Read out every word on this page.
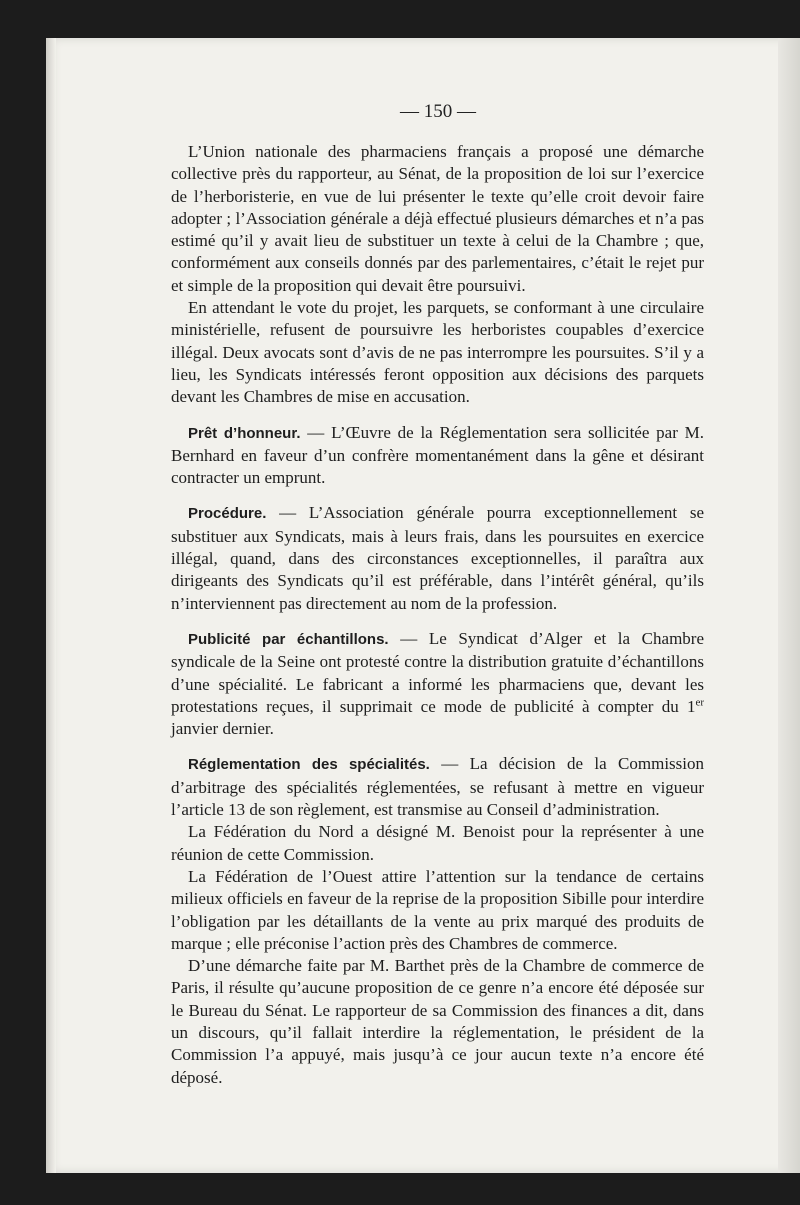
— 150 —

L’Union nationale des pharmaciens français a proposé une démarche collective près du rapporteur, au Sénat, de la proposition de loi sur l’exercice de l’herboristerie, en vue de lui présenter le texte qu’elle croit devoir faire adopter ; l’Association générale a déjà effectué plusieurs démarches et n’a pas estimé qu’il y avait lieu de substituer un texte à celui de la Chambre ; que, conformément aux conseils donnés par des parlementaires, c’était le rejet pur et simple de la proposition qui devait être poursuivi.

En attendant le vote du projet, les parquets, se conformant à une circulaire ministérielle, refusent de poursuivre les herboristes coupables d’exercice illégal. Deux avocats sont d’avis de ne pas interrompre les poursuites. S’il y a lieu, les Syndicats intéressés feront opposition aux décisions des parquets devant les Chambres de mise en accusation.

Prêt d’honneur. — L’Œuvre de la Réglementation sera sollicitée par M. Bernhard en faveur d’un confrère momentanément dans la gêne et désirant contracter un emprunt.

Procédure. — L’Association générale pourra exceptionnellement se substituer aux Syndicats, mais à leurs frais, dans les poursuites en exercice illégal, quand, dans des circonstances exceptionnelles, il paraîtra aux dirigeants des Syndicats qu’il est préférable, dans l’intérêt général, qu’ils n’interviennent pas directement au nom de la profession.

Publicité par échantillons. — Le Syndicat d’Alger et la Chambre syndicale de la Seine ont protesté contre la distribution gratuite d’échantillons d’une spécialité. Le fabricant a informé les pharmaciens que, devant les protestations reçues, il supprimait ce mode de publicité à compter du 1er janvier dernier.

Réglementation des spécialités. — La décision de la Commission d’arbitrage des spécialités réglementées, se refusant à mettre en vigueur l’article 13 de son règlement, est transmise au Conseil d’administration.

La Fédération du Nord a désigné M. Benoist pour la représenter à une réunion de cette Commission.

La Fédération de l’Ouest attire l’attention sur la tendance de certains milieux officiels en faveur de la reprise de la proposition Sibille pour interdire l’obligation par les détaillants de la vente au prix marqué des produits de marque ; elle préconise l’action près des Chambres de commerce.

D’une démarche faite par M. Barthet près de la Chambre de commerce de Paris, il résulte qu’aucune proposition de ce genre n’a encore été déposée sur le Bureau du Sénat. Le rapporteur de sa Commission des finances a dit, dans un discours, qu’il fallait interdire la réglementation, le président de la Commission l’a appuyé, mais jusqu’à ce jour aucun texte n’a encore été déposé.
